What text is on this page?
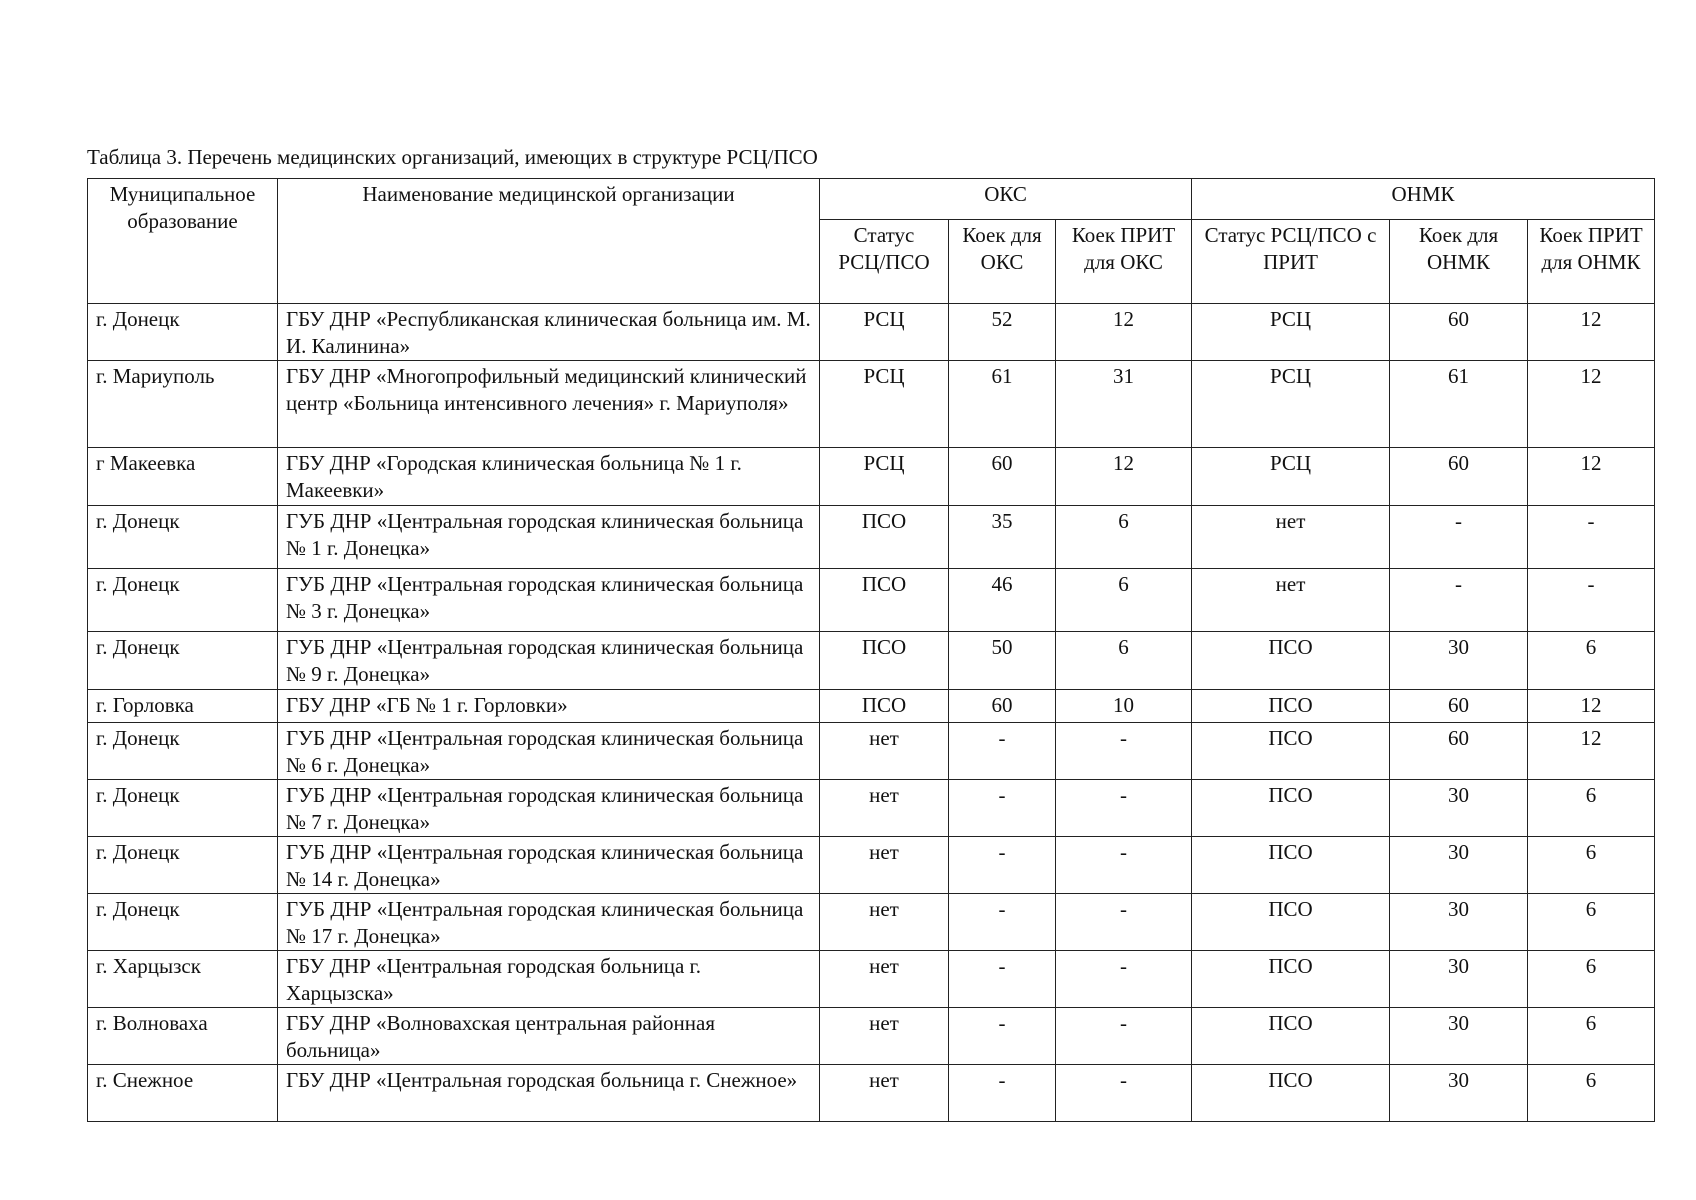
Таблица 3. Перечень медицинских организаций, имеющих в структуре РСЦ/ПСО
Муниципальное образование	Наименование медицинской организации	ОКС			ОНМК		
		Статус РСЦ/ПСО	Коек для ОКС	Коек ПРИТ для ОКС	Статус РСЦ/ПСО с ПРИТ	Коек для ОНМК	Коек ПРИТ для ОНМК
г. Донецк	ГБУ ДНР «Республиканская клиническая больница им. М. И. Калинина»	РСЦ	52	12	РСЦ	60	12
г. Мариуполь	ГБУ ДНР «Многопрофильный медицинский клинический центр «Больница интенсивного лечения» г. Мариуполя»	РСЦ	61	31	РСЦ	61	12
г Макеевка	ГБУ ДНР «Городская клиническая больница № 1 г. Макеевки»	РСЦ	60	12	РСЦ	60	12
г. Донецк	ГУБ ДНР «Центральная городская клиническая больница № 1 г. Донецка»	ПСО	35	6	нет	-	-
г. Донецк	ГУБ ДНР «Центральная городская клиническая больница № 3 г. Донецка»	ПСО	46	6	нет	-	-
г. Донецк	ГУБ ДНР «Центральная городская клиническая больница № 9 г. Донецка»	ПСО	50	6	ПСО	30	6
г. Горловка	ГБУ ДНР «ГБ № 1 г. Горловки»	ПСО	60	10	ПСО	60	12
г. Донецк	ГУБ ДНР «Центральная городская клиническая больница № 6 г. Донецка»	нет	-	-	ПСО	60	12
г. Донецк	ГУБ ДНР «Центральная городская клиническая больница № 7 г. Донецка»	нет	-	-	ПСО	30	6
г. Донецк	ГУБ ДНР «Центральная городская клиническая больница № 14 г. Донецка»	нет	-	-	ПСО	30	6
г. Донецк	ГУБ ДНР «Центральная городская клиническая больница № 17 г. Донецка»	нет	-	-	ПСО	30	6
г. Харцызск	ГБУ ДНР «Центральная городская больница г. Харцызска»	нет	-	-	ПСО	30	6
г. Волноваха	ГБУ ДНР «Волновахская центральная районная больница»	нет	-	-	ПСО	30	6
г. Снежное	ГБУ ДНР «Центральная городская больница г. Снежное»	нет	-	-	ПСО	30	6
